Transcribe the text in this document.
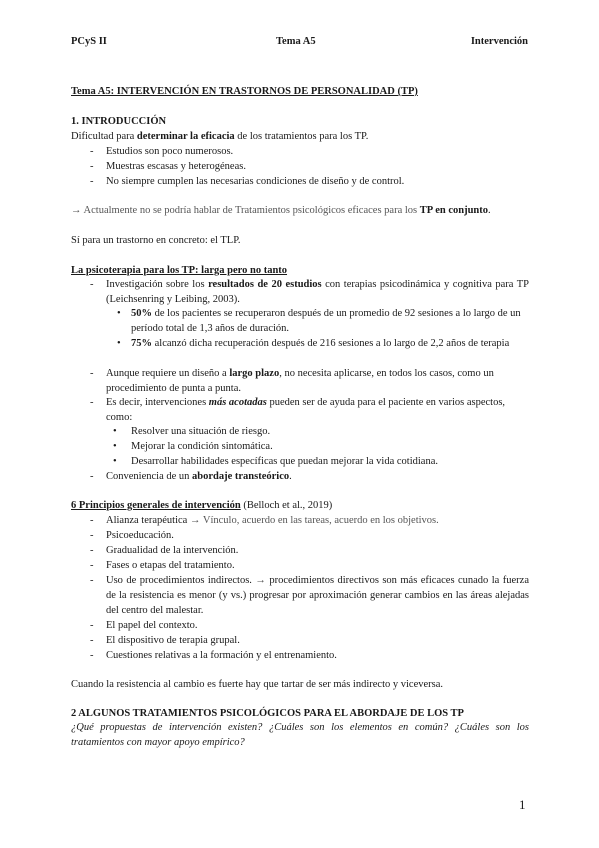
PCyS II	Tema A5	Intervención
Tema A5: INTERVENCIÓN EN TRASTORNOS DE PERSONALIDAD (TP)
1. INTRODUCCIÓN
Dificultad para determinar la eficacia de los tratamientos para los TP.
- Estudios son poco numerosos.
- Muestras escasas y heterogéneas.
- No siempre cumplen las necesarias condiciones de diseño y de control.
→ Actualmente no se podría hablar de Tratamientos psicológicos eficaces para los TP en conjunto.
Sí para un trastorno en concreto: el TLP.
La psicoterapia para los TP: larga pero no tanto
- Investigación sobre los resultados de 20 estudios con terapias psicodinámica y cognitiva para TP (Leichsenring y Leibing, 2003).
• 50% de los pacientes se recuperaron después de un promedio de 92 sesiones a lo largo de un período total de 1,3 años de duración.
• 75% alcanzó dicha recuperación después de 216 sesiones a lo largo de 2,2 años de terapia
- Aunque requiere un diseño a largo plazo, no necesita aplicarse, en todos los casos, como un procedimiento de punta a punta.
- Es decir, intervenciones más acotadas pueden ser de ayuda para el paciente en varios aspectos, como:
• Resolver una situación de riesgo.
• Mejorar la condición sintomática.
• Desarrollar habilidades específicas que puedan mejorar la vida cotidiana.
- Conveniencia de un abordaje transteórico.
6 Principios generales de intervención (Belloch et al., 2019)
- Alianza terapéutica → Vínculo, acuerdo en las tareas, acuerdo en los objetivos.
- Psicoeducación.
- Gradualidad de la intervención.
- Fases o etapas del tratamiento.
- Uso de procedimientos indirectos. → procedimientos directivos son más eficaces cunado la fuerza de la resistencia es menor (y vs.) progresar por aproximación generar cambios en las áreas alejadas del centro del malestar.
- El papel del contexto.
- El dispositivo de terapia grupal.
- Cuestiones relativas a la formación y el entrenamiento.
Cuando la resistencia al cambio es fuerte hay que tartar de ser más indirecto y viceversa.
2 ALGUNOS TRATAMIENTOS PSICOLÓGICOS PARA EL ABORDAJE DE LOS TP
¿Qué propuestas de intervención existen? ¿Cuáles son los elementos en común? ¿Cuáles son los tratamientos con mayor apoyo empírico?
1
